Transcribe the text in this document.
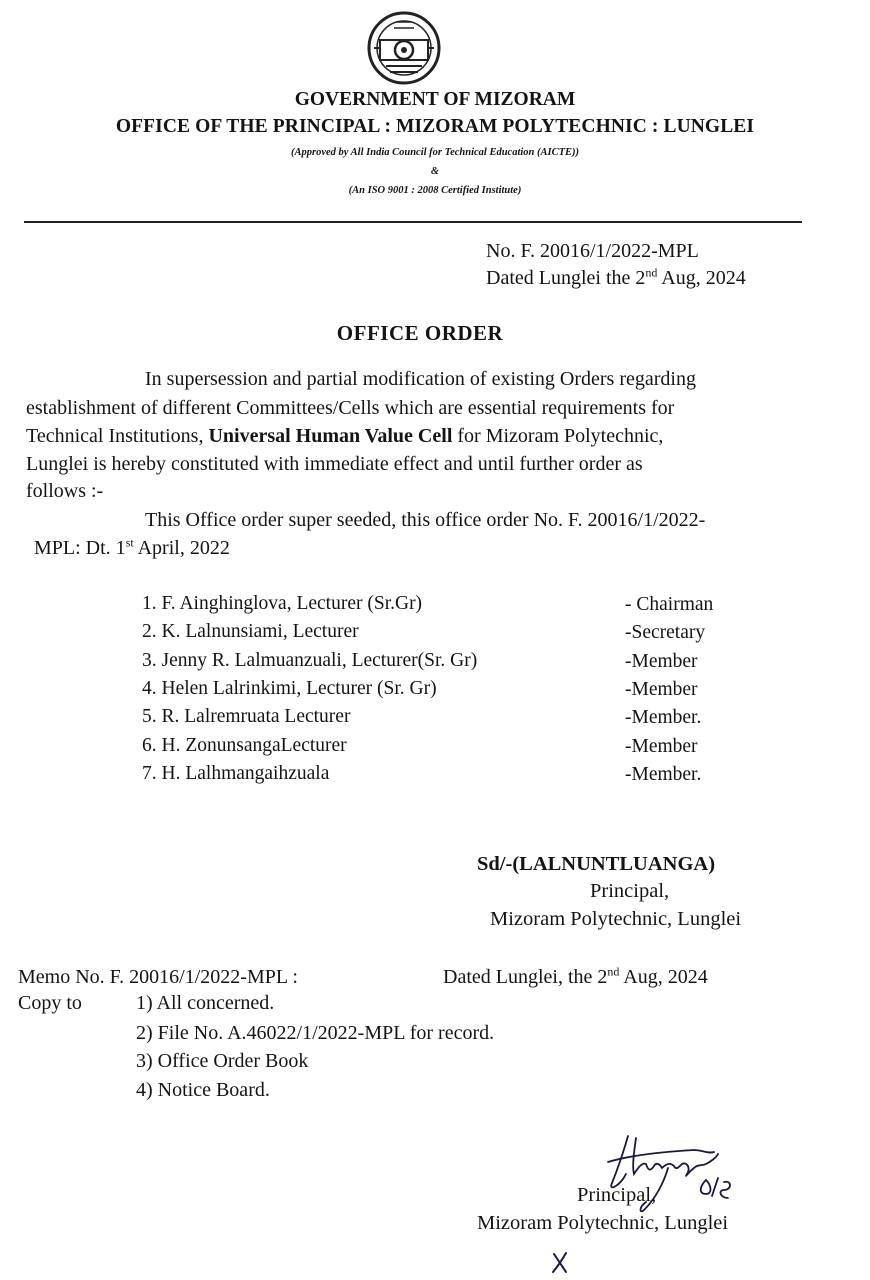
GOVERNMENT OF MIZORAM
OFFICE OF THE PRINCIPAL : MIZORAM POLYTECHNIC : LUNGLEI
(Approved by All India Council for Technical Education (AICTE))
&
(An ISO 9001 : 2008 Certified Institute)
No. F. 20016/1/2022-MPL
Dated Lunglei the 2nd Aug, 2024
OFFICE ORDER
In supersession and partial modification of existing Orders regarding
establishment of different Committees/Cells which are essential requirements for
Technical Institutions, Universal Human Value Cell for Mizoram Polytechnic,
Lunglei is hereby constituted with immediate effect and until further order as
follows :-
This Office order super seeded, this office order No. F. 20016/1/2022-
MPL: Dt. 1st April, 2022
1. F. Ainghinglova, Lecturer (Sr.Gr)	- Chairman
2. K. Lalnunsiami, Lecturer	-Secretary
3. Jenny R. Lalmuanzuali, Lecturer(Sr. Gr)	-Member
4. Helen Lalrinkimi, Lecturer (Sr. Gr)	-Member
5. R. Lalremruata Lecturer	-Member.
6. H. ZonunsangaLecturer	-Member
7. H. Lalhmangaihzuala	-Member.
Sd/-(LALNUNTLUANGA)
Principal,
Mizoram Polytechnic, Lunglei
Memo No. F. 20016/1/2022-MPL :	Dated Lunglei, the 2nd Aug, 2024
Copy to	1) All concerned.
2) File No. A.46022/1/2022-MPL for record.
3) Office Order Book
4) Notice Board.
Principal,
Mizoram Polytechnic, Lunglei
